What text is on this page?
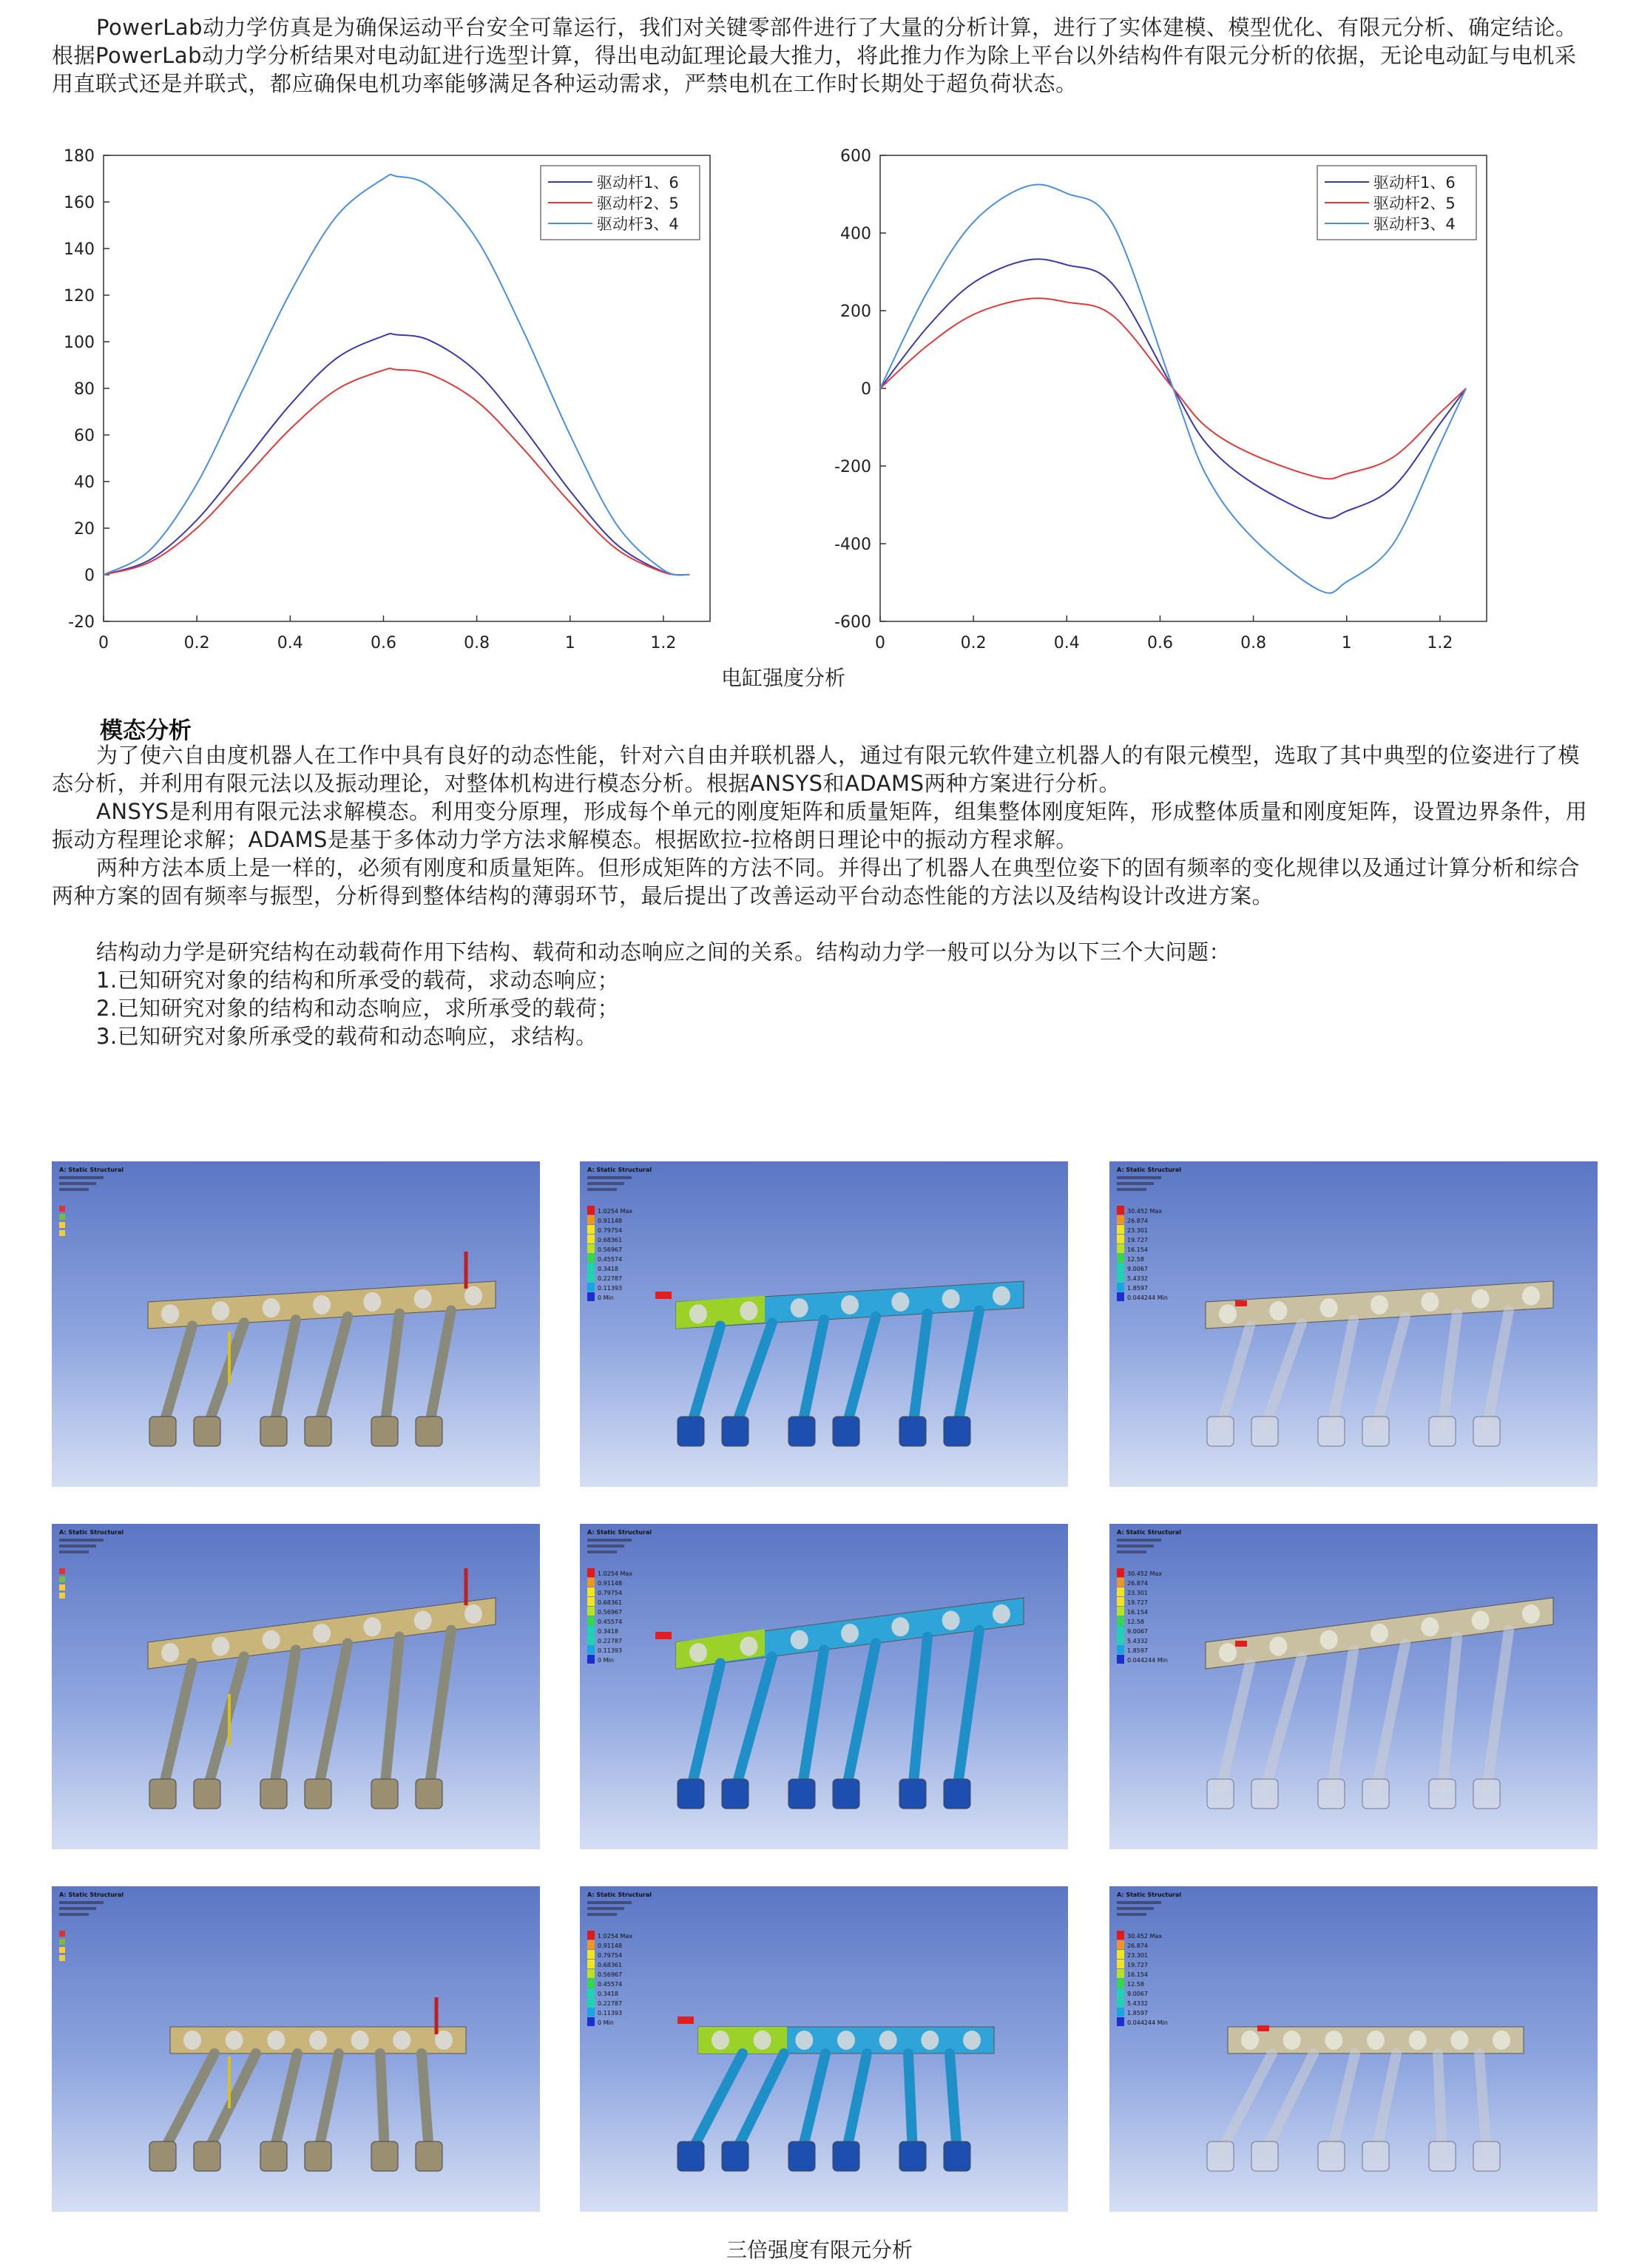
PowerLab动力学仿真是为确保运动平台安全可靠运行，我们对关键零部件进行了大量的分析计算，进行了实体建模、模型优化、有限元分析、确定结论。根据PowerLab动力学分析结果对电动缸进行选型计算，得出电动缸理论最大推力，将此推力作为除上平台以外结构件有限元分析的依据，无论电动缸与电机采用直联式还是并联式，都应确保电机功率能够满足各种运动需求，严禁电机在工作时长期处于超负荷状态。

-20
0
20
40
60
80
100
120
140
160
180
0	0.2	0.4	0.6	0.8	1	1.2
驱动杆1、6
驱动杆2、5
驱动杆3、4
-600
-400
-200
0
200
400
600
0	0.2	0.4	0.6	0.8	1	1.2
驱动杆1、6
驱动杆2、5
驱动杆3、4
电缸强度分析
模态分析

为了使六自由度机器人在工作中具有良好的动态性能，针对六自由并联机器人，通过有限元软件建立机器人的有限元模型，选取了其中典型的位姿进行了模态分析，并利用有限元法以及振动理论，对整体机构进行模态分析。根据ANSYS和ADAMS两种方案进行分析。

ANSYS是利用有限元法求解模态。利用变分原理，形成每个单元的刚度矩阵和质量矩阵，组集整体刚度矩阵，形成整体质量和刚度矩阵，设置边界条件，用振动方程理论求解；ADAMS是基于多体动力学方法求解模态。根据欧拉-拉格朗日理论中的振动方程求解。

两种方法本质上是一样的，必须有刚度和质量矩阵。但形成矩阵的方法不同。并得出了机器人在典型位姿下的固有频率的变化规律以及通过计算分析和综合两种方案的固有频率与振型，分析得到整体结构的薄弱环节，最后提出了改善运动平台动态性能的方法以及结构设计改进方案。

结构动力学是研究结构在动载荷作用下结构、载荷和动态响应之间的关系。结构动力学一般可以分为以下三个大问题：

1.已知研究对象的结构和所承受的载荷，求动态响应；
2.已知研究对象的结构和动态响应，求所承受的载荷；
3.已知研究对象所承受的载荷和动态响应，求结构。
A: Static Structural	A: Static Structural
1.0254 Max
0.91148
0.79754
0.68361
0.56967
0.45574
0.3418
0.22787
0.11393
0 Min
A: Static Structural
30.452 Max
26.874
23.301
19.727
16.154
12.58
9.0067
5.4332
1.8597
0.044244 Min
A: Static Structural	A: Static Structural
1.0254 Max
0.91148
0.79754
0.68361
0.56967
0.45574
0.3418
0.22787
0.11393
0 Min
A: Static Structural
30.452 Max
26.874
23.301
19.727
16.154
12.58
9.0067
5.4332
1.8597
0.044244 Min
A: Static Structural	A: Static Structural
1.0254 Max
0.91148
0.79754
0.68361
0.56967
0.45574
0.3418
0.22787
0.11393
0 Min
A: Static Structural
30.452 Max
26.874
23.301
19.727
16.154
12.58
9.0067
5.4332
1.8597
0.044244 Min
三倍强度有限元分析
